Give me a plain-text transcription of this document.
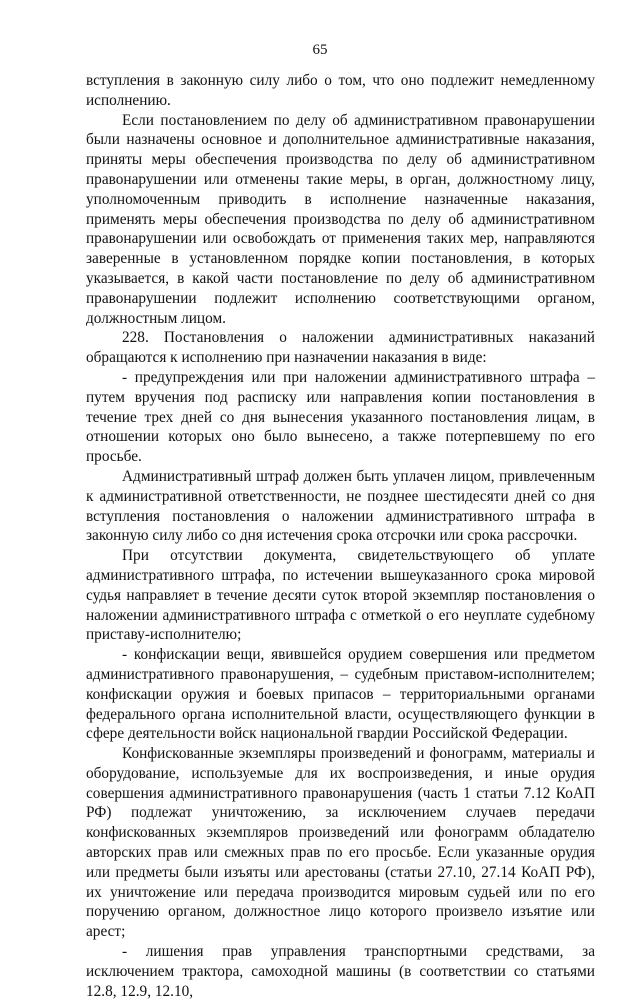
65

вступления в законную силу либо о том, что оно подлежит немедленному исполнению.

Если постановлением по делу об административном правонарушении были назначены основное и дополнительное административные наказания, приняты меры обеспечения производства по делу об административном правонарушении или отменены такие меры, в орган, должностному лицу, уполномоченным приводить в исполнение назначенные наказания, применять меры обеспечения производства по делу об административном правонарушении или освобождать от применения таких мер, направляются заверенные в установленном порядке копии постановления, в которых указывается, в какой части постановление по делу об административном правонарушении подлежит исполнению соответствующими органом, должностным лицом.

228. Постановления о наложении административных наказаний обращаются к исполнению при назначении наказания в виде:

- предупреждения или при наложении административного штрафа – путем вручения под расписку или направления копии постановления в течение трех дней со дня вынесения указанного постановления лицам, в отношении которых оно было вынесено, а также потерпевшему по его просьбе.

Административный штраф должен быть уплачен лицом, привлеченным к административной ответственности, не позднее шестидесяти дней со дня вступления постановления о наложении административного штрафа в законную силу либо со дня истечения срока отсрочки или срока рассрочки.

При отсутствии документа, свидетельствующего об уплате административного штрафа, по истечении вышеуказанного срока мировой судья направляет в течение десяти суток второй экземпляр постановления о наложении административного штрафа с отметкой о его неуплате судебному приставу-исполнителю;

- конфискации вещи, явившейся орудием совершения или предметом административного правонарушения, – судебным приставом-исполнителем; конфискации оружия и боевых припасов – территориальными органами федерального органа исполнительной власти, осуществляющего функции в сфере деятельности войск национальной гвардии Российской Федерации.

Конфискованные экземпляры произведений и фонограмм, материалы и оборудование, используемые для их воспроизведения, и иные орудия совершения административного правонарушения (часть 1 статьи 7.12 КоАП РФ) подлежат уничтожению, за исключением случаев передачи конфискованных экземпляров произведений или фонограмм обладателю авторских прав или смежных прав по его просьбе. Если указанные орудия или предметы были изъяты или арестованы (статьи 27.10, 27.14 КоАП РФ), их уничтожение или передача производится мировым судьей или по его поручению органом, должностное лицо которого произвело изъятие или арест;

- лишения прав управления транспортными средствами, за исключением трактора, самоходной машины (в соответствии со статьями 12.8, 12.9, 12.10,
